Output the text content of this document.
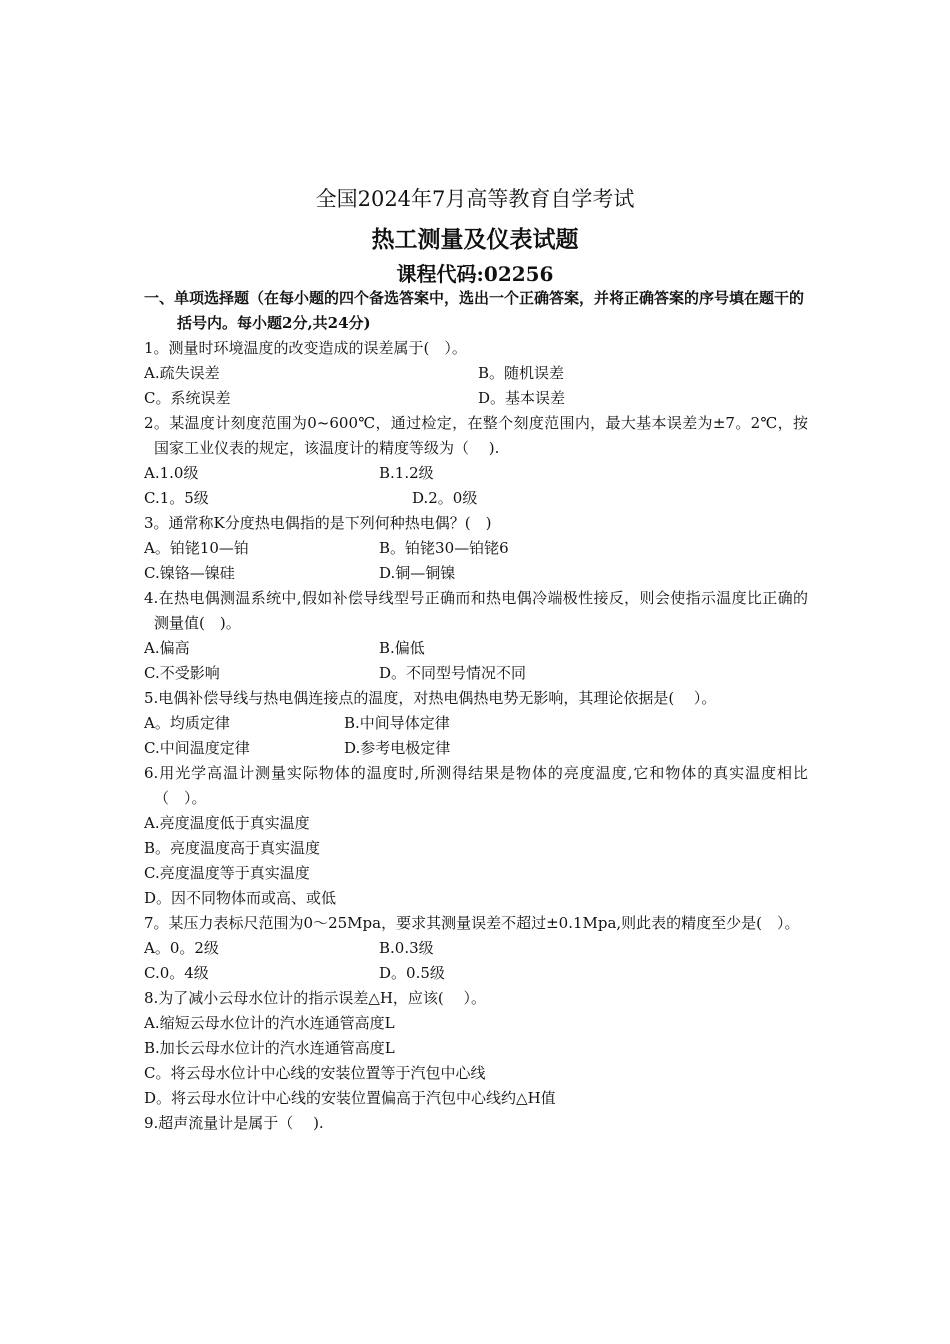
全国2024年7月高等教育自学考试
热工测量及仪表试题
课程代码:02256
一、单项选择题（在每小题的四个备选答案中，选出一个正确答案，并将正确答案的序号填在题干的括号内。每小题2分,共24分)
1。测量时环境温度的改变造成的误差属于(　）。
A.疏失误差	B。随机误差
C。系统误差	D。基本误差
2。某温度计刻度范围为0~600℃，通过检定，在整个刻度范围内，最大基本误差为±7。2℃，按国家工业仪表的规定，该温度计的精度等级为（　 ).
A.1.0级	B.1.2级
C.1。5级	D.2。0级
3。通常称K分度热电偶指的是下列何种热电偶？(　)
A。铂铑10—铂	B。铂铑30—铂铑6
C.镍铬—镍硅	D.铜—铜镍
4.在热电偶测温系统中,假如补偿导线型号正确而和热电偶冷端极性接反，则会使指示温度比正确的测量值(　)。
A.偏高	B.偏低
C.不受影响	D。不同型号情况不同
5.电偶补偿导线与热电偶连接点的温度，对热电偶热电势无影响，其理论依据是(　 ）。
A。均质定律	B.中间导体定律
C.中间温度定律	D.参考电极定律
6.用光学高温计测量实际物体的温度时,所测得结果是物体的亮度温度,它和物体的真实温度相比（　）。
A.亮度温度低于真实温度
B。亮度温度高于真实温度
C.亮度温度等于真实温度
D。因不同物体而或高、或低
7。某压力表标尺范围为0～25Mpa，要求其测量误差不超过±0.1Mpa,则此表的精度至少是(　）。
A。0。2级	B.0.3级
C.0。4级	D。0.5级
8.为了减小云母水位计的指示误差△H，应该(　 ）。
A.缩短云母水位计的汽水连通管高度L
B.加长云母水位计的汽水连通管高度L
C。将云母水位计中心线的安装位置等于汽包中心线
D。将云母水位计中心线的安装位置偏高于汽包中心线约△H值
9.超声流量计是属于（　 ).
